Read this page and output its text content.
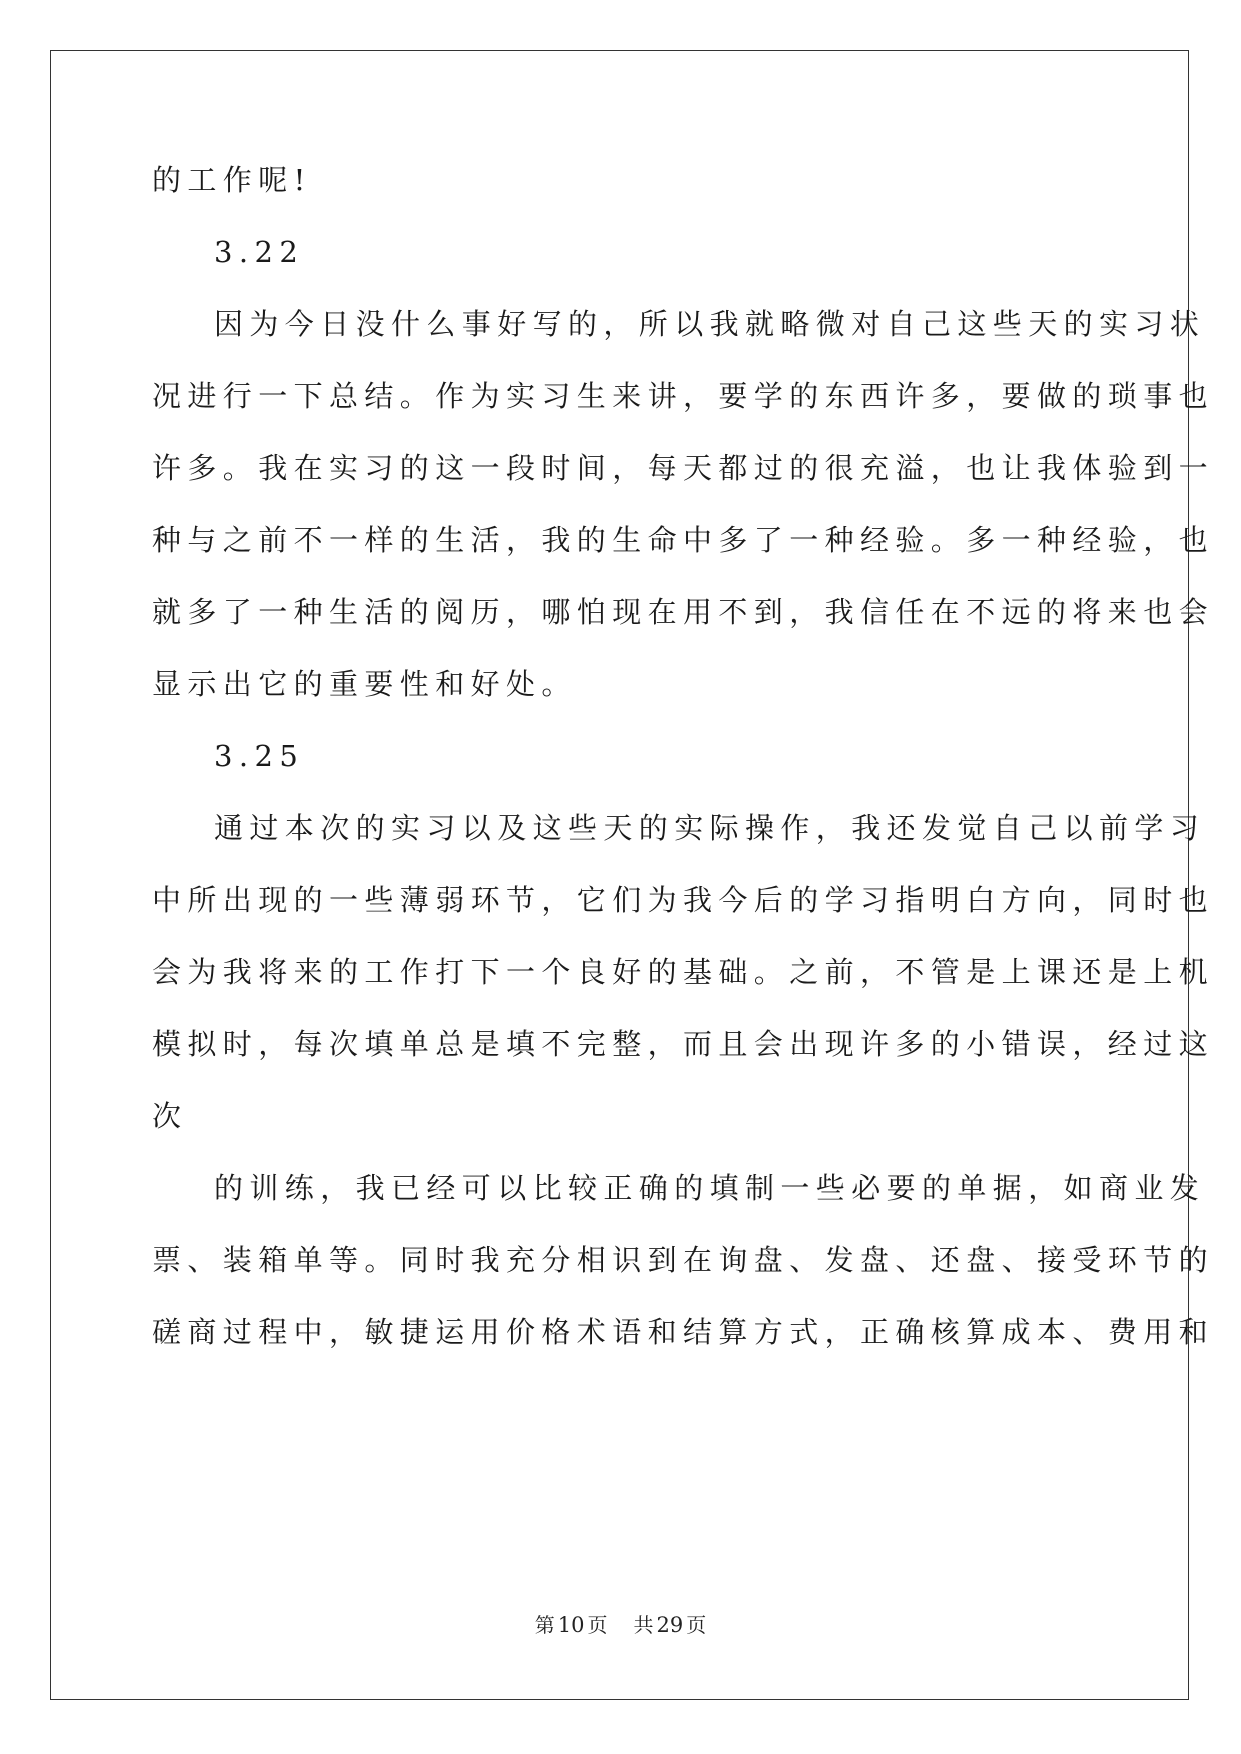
的工作呢!
3.22
因为今日没什么事好写的，所以我就略微对自己这些天的实习状
况进行一下总结。作为实习生来讲，要学的东西许多，要做的琐事也
许多。我在实习的这一段时间，每天都过的很充溢，也让我体验到一
种与之前不一样的生活，我的生命中多了一种经验。多一种经验，也
就多了一种生活的阅历，哪怕现在用不到，我信任在不远的将来也会
显示出它的重要性和好处。
3.25
通过本次的实习以及这些天的实际操作，我还发觉自己以前学习
中所出现的一些薄弱环节，它们为我今后的学习指明白方向，同时也
会为我将来的工作打下一个良好的基础。之前，不管是上课还是上机
模拟时，每次填单总是填不完整，而且会出现许多的小错误，经过这
次
的训练，我已经可以比较正确的填制一些必要的单据，如商业发
票、装箱单等。同时我充分相识到在询盘、发盘、还盘、接受环节的
磋商过程中，敏捷运用价格术语和结算方式，正确核算成本、费用和
第 10 页 共 29 页
